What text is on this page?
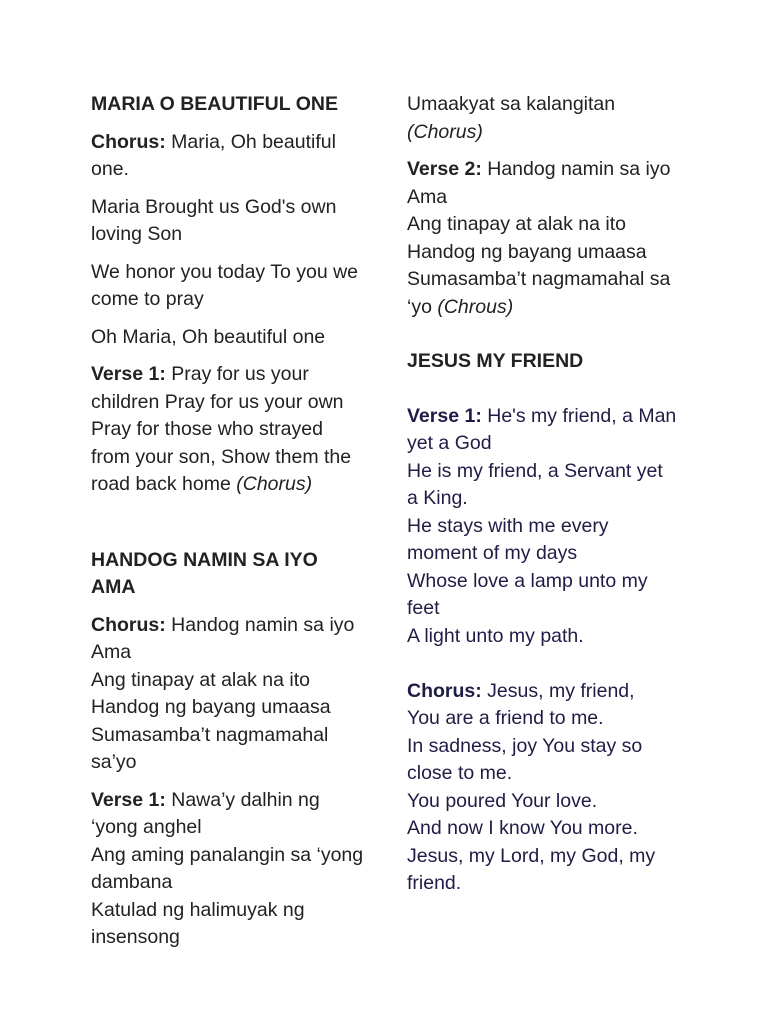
MARIA O BEAUTIFUL ONE

Chorus: Maria, Oh beautiful one.

Maria Brought us God's own loving Son

We honor you today To you we come to pray

Oh Maria, Oh beautiful one

Verse 1: Pray for us your children Pray for us your own Pray for those who strayed from your son, Show them the road back home (Chorus)

HANDOG NAMIN SA IYO AMA

Chorus: Handog namin sa iyo Ama
Ang tinapay at alak na ito
Handog ng bayang umaasa
Sumasamba’t nagmamahal sa’yo

Verse 1: Nawa’y dalhin ng ‘yong anghel
Ang aming panalangin sa ‘yong dambana
Katulad ng halimuyak ng insensong

Umaakyat sa kalangitan
(Chorus)

Verse 2: Handog namin sa iyo Ama
Ang tinapay at alak na ito
Handog ng bayang umaasa
Sumasamba’t nagmamahal sa ‘yo (Chrous)

JESUS MY FRIEND

Verse 1: He's my friend, a Man yet a God
He is my friend, a Servant yet a King.
He stays with me every moment of my days
Whose love a lamp unto my feet
A light unto my path.

Chorus: Jesus, my friend,
You are a friend to me.
In sadness, joy You stay so close to me.
You poured Your love.
And now I know You more.
Jesus, my Lord, my God, my friend.
